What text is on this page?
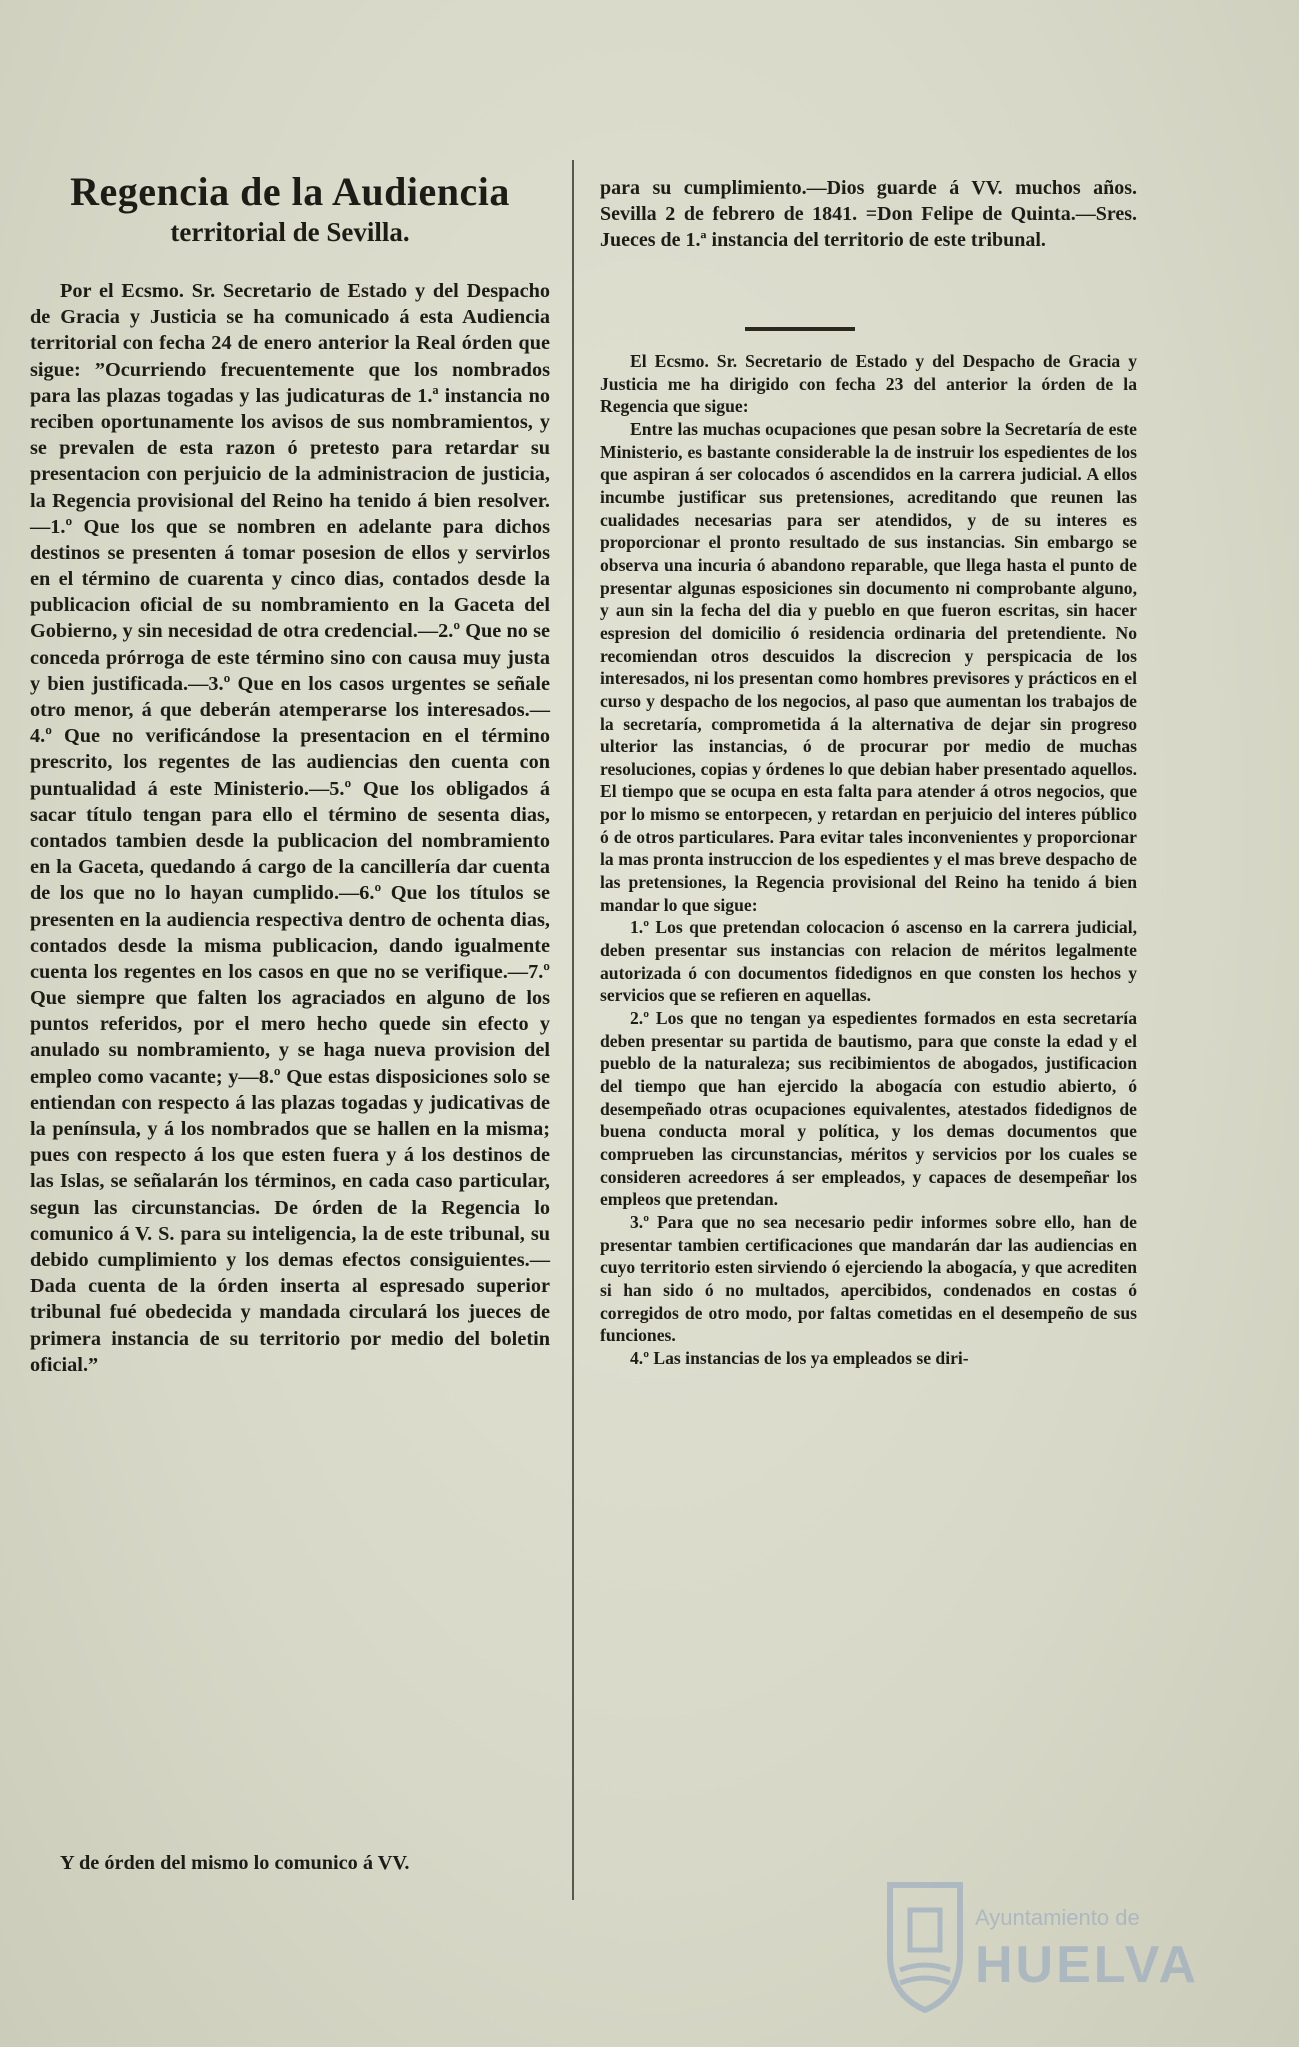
Regencia de la Audiencia
territorial de Sevilla.

Por el Ecsmo. Sr. Secretario de Estado y del Despacho de Gracia y Justicia se ha comunicado á esta Audiencia territorial con fecha 24 de enero anterior la Real órden que sigue: ”Ocurriendo frecuentemente que los nombrados para las plazas togadas y las judicaturas de 1.ª instancia no reciben oportunamente los avisos de sus nombramientos, y se prevalen de esta razon ó pretesto para retardar su presentacion con perjuicio de la administracion de justicia, la Regencia provisional del Reino ha tenido á bien resolver.—1.º Que los que se nombren en adelante para dichos destinos se presenten á tomar posesion de ellos y servirlos en el término de cuarenta y cinco dias, contados desde la publicacion oficial de su nombramiento en la Gaceta del Gobierno, y sin necesidad de otra credencial.—2.º Que no se conceda prórroga de este término sino con causa muy justa y bien justificada.—3.º Que en los casos urgentes se señale otro menor, á que deberán atemperarse los interesados.—4.º Que no verificándose la presentacion en el término prescrito, los regentes de las audiencias den cuenta con puntualidad á este Ministerio.—5.º Que los obligados á sacar título tengan para ello el término de sesenta dias, contados tambien desde la publicacion del nombramiento en la Gaceta, quedando á cargo de la cancillería dar cuenta de los que no lo hayan cumplido.—6.º Que los títulos se presenten en la audiencia respectiva dentro de ochenta dias, contados desde la misma publicacion, dando igualmente cuenta los regentes en los casos en que no se verifique.—7.º Que siempre que falten los agraciados en alguno de los puntos referidos, por el mero hecho quede sin efecto y anulado su nombramiento, y se haga nueva provision del empleo como vacante; y—8.º Que estas disposiciones solo se entiendan con respecto á las plazas togadas y judicativas de la península, y á los nombrados que se hallen en la misma; pues con respecto á los que esten fuera y á los destinos de las Islas, se señalarán los términos, en cada caso particular, segun las circunstancias. De órden de la Regencia lo comunico á V. S. para su inteligencia, la de este tribunal, su debido cumplimiento y los demas efectos consiguientes.—Dada cuenta de la órden inserta al espresado superior tribunal fué obedecida y mandada circulará los jueces de primera instancia de su territorio por medio del boletin oficial.”

Y de órden del mismo lo comunico á VV.

para su cumplimiento.—Dios guarde á VV. muchos años. Sevilla 2 de febrero de 1841. =Don Felipe de Quinta.—Sres. Jueces de 1.ª instancia del territorio de este tribunal.

El Ecsmo. Sr. Secretario de Estado y del Despacho de Gracia y Justicia me ha dirigido con fecha 23 del anterior la órden de la Regencia que sigue:

Entre las muchas ocupaciones que pesan sobre la Secretaría de este Ministerio, es bastante considerable la de instruir los espedientes de los que aspiran á ser colocados ó ascendidos en la carrera judicial. A ellos incumbe justificar sus pretensiones, acreditando que reunen las cualidades necesarias para ser atendidos, y de su interes es proporcionar el pronto resultado de sus instancias. Sin embargo se observa una incuria ó abandono reparable, que llega hasta el punto de presentar algunas esposiciones sin documento ni comprobante alguno, y aun sin la fecha del dia y pueblo en que fueron escritas, sin hacer espresion del domicilio ó residencia ordinaria del pretendiente. No recomiendan otros descuidos la discrecion y perspicacia de los interesados, ni los presentan como hombres previsores y prácticos en el curso y despacho de los negocios, al paso que aumentan los trabajos de la secretaría, comprometida á la alternativa de dejar sin progreso ulterior las instancias, ó de procurar por medio de muchas resoluciones, copias y órdenes lo que debian haber presentado aquellos. El tiempo que se ocupa en esta falta para atender á otros negocios, que por lo mismo se entorpecen, y retardan en perjuicio del interes público ó de otros particulares. Para evitar tales inconvenientes y proporcionar la mas pronta instruccion de los espedientes y el mas breve despacho de las pretensiones, la Regencia provisional del Reino ha tenido á bien mandar lo que sigue:

1.º Los que pretendan colocacion ó ascenso en la carrera judicial, deben presentar sus instancias con relacion de méritos legalmente autorizada ó con documentos fidedignos en que consten los hechos y servicios que se refieren en aquellas.

2.º Los que no tengan ya espedientes formados en esta secretaría deben presentar su partida de bautismo, para que conste la edad y el pueblo de la naturaleza; sus recibimientos de abogados, justificacion del tiempo que han ejercido la abogacía con estudio abierto, ó desempeñado otras ocupaciones equivalentes, atestados fidedignos de buena conducta moral y política, y los demas documentos que comprueben las circunstancias, méritos y servicios por los cuales se consideren acreedores á ser empleados, y capaces de desempeñar los empleos que pretendan.

3.º Para que no sea necesario pedir informes sobre ello, han de presentar tambien certificaciones que mandarán dar las audiencias en cuyo territorio esten sirviendo ó ejerciendo la abogacía, y que acrediten si han sido ó no multados, apercibidos, condenados en costas ó corregidos de otro modo, por faltas cometidas en el desempeño de sus funciones.

4.º Las instancias de los ya empleados se diri-

Ayuntamiento de
HUELVA
